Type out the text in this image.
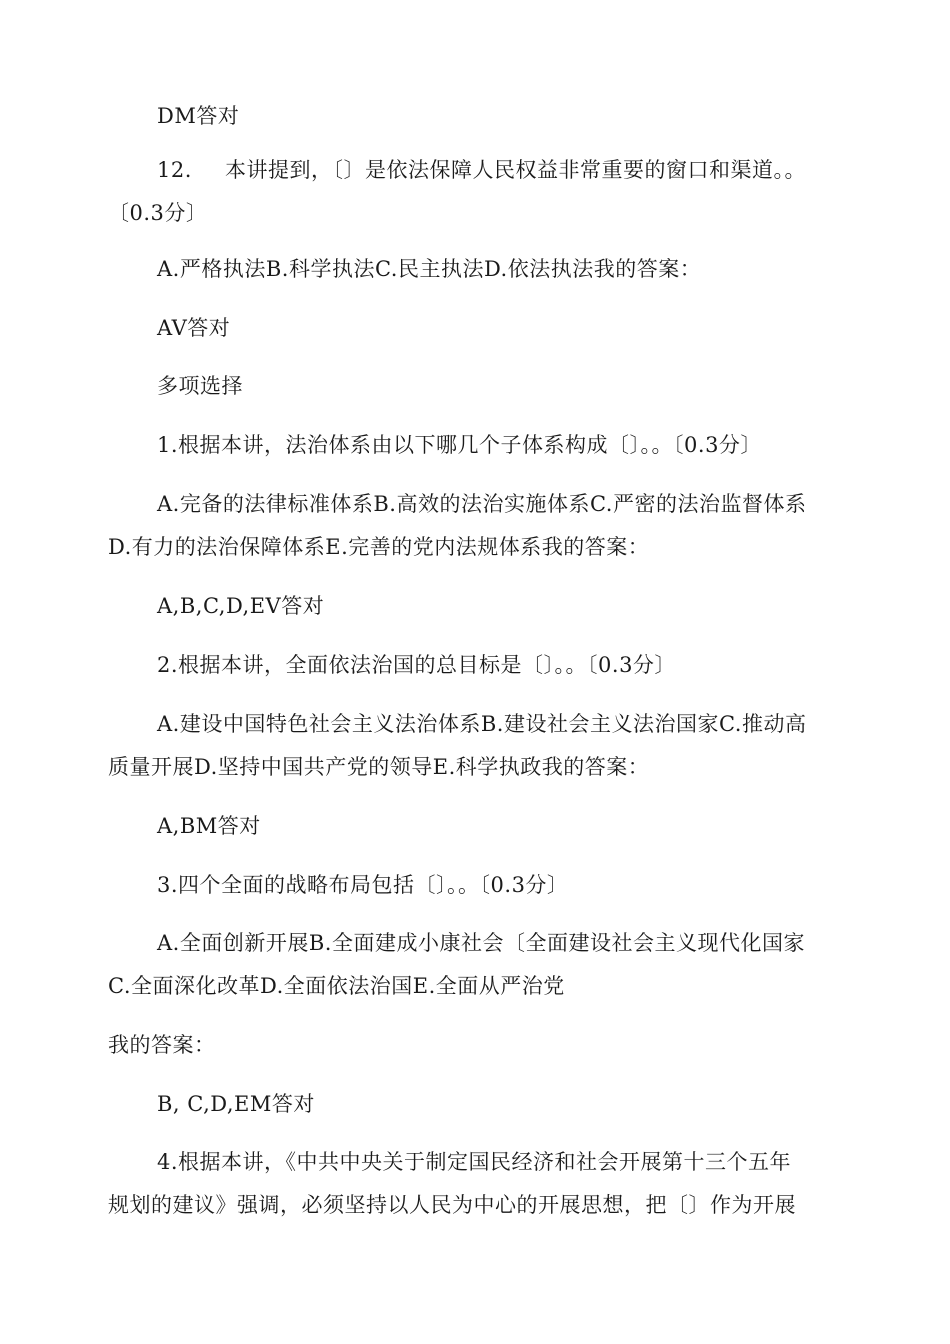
DM答对
12. 本讲提到，〔〕是依法保障人民权益非常重要的窗口和渠道。。
〔0.3分〕
A.严格执法B.科学执法C.民主执法D.依法执法我的答案：
AV答对
多项选择
1.根据本讲，法治体系由以下哪几个子体系构成〔〕。。〔0.3分〕
A.完备的法律标准体系B.高效的法治实施体系C.严密的法治监督体系
D.有力的法治保障体系E.完善的党内法规体系我的答案：
A,B,C,D,EV答对
2.根据本讲，全面依法治国的总目标是〔〕。。〔0.3分〕
A.建设中国特色社会主义法治体系B.建设社会主义法治国家C.推动高
质量开展D.坚持中国共产党的领导E.科学执政我的答案：
A,BM答对
3.四个全面的战略布局包括〔〕。。〔0.3分〕
A.全面创新开展B.全面建成小康社会〔全面建设社会主义现代化国家
C.全面深化改革D.全面依法治国E.全面从严治党
我的答案：
B, C,D,EM答对
4.根据本讲，《中共中央关于制定国民经济和社会开展第十三个五年
规划的建议》强调，必须坚持以人民为中心的开展思想，把〔〕作为开展
